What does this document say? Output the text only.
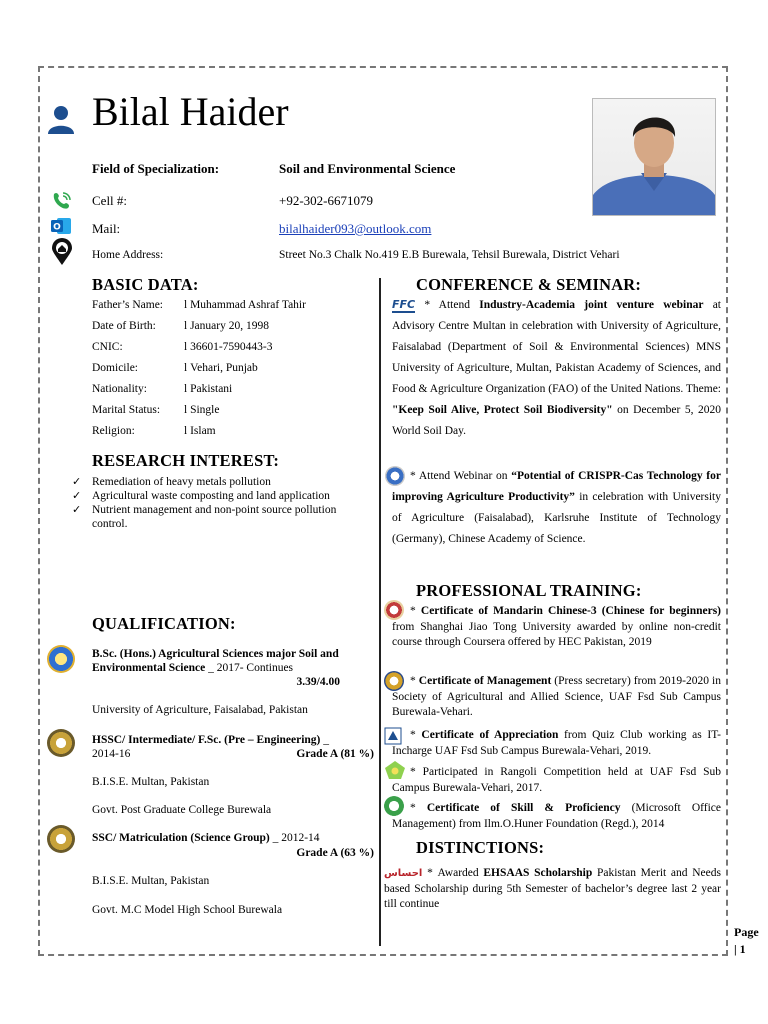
Bilal Haider
Field of Specialization:	Soil and Environmental Science
Cell #:	+92-302-6671079
O Mail:	bilalhaider093@outlook.com
Home Address:	Street No.3 Chalk No.419 E.B Burewala, Tehsil Burewala, District Vehari
BASIC DATA:
Father’s Name:	l Muhammad Ashraf Tahir
Date of Birth:	l January 20, 1998
CNIC:	l 36601-7590443-3
Domicile:	l Vehari, Punjab
Nationality:	l Pakistani
Marital Status:	l Single
Religion:	l Islam
RESEARCH INTEREST:
✓ Remediation of heavy metals pollution
✓ Agricultural waste composting and land application
✓ Nutrient management and non-point source pollution control.
QUALIFICATION:
B.Sc. (Hons.) Agricultural Sciences major Soil and Environmental Science _ 2017- Continues
3.39/4.00
University of Agriculture, Faisalabad, Pakistan
HSSC/ Intermediate/ F.Sc. (Pre – Engineering) _
2014-16	Grade A (81 %)
B.I.S.E. Multan, Pakistan
Govt. Post Graduate College Burewala
SSC/ Matriculation (Science Group) _ 2012-14
Grade A (63 %)
B.I.S.E. Multan, Pakistan
Govt. M.C Model High School Burewala
CONFERENCE & SEMINAR:
FFC * Attend Industry-Academia joint venture webinar at Advisory Centre Multan in celebration with University of Agriculture, Faisalabad (Department of Soil & Environmental Sciences) MNS University of Agriculture, Multan, Pakistan Academy of Sciences, and Food & Agriculture Organization (FAO) of the United Nations. Theme: "Keep Soil Alive, Protect Soil Biodiversity" on December 5, 2020 World Soil Day.
* Attend Webinar on “Potential of CRISPR-Cas Technology for improving Agriculture Productivity” in celebration with University of Agriculture (Faisalabad), Karlsruhe Institute of Technology (Germany), Chinese Academy of Science.
PROFESSIONAL TRAINING:
* Certificate of Mandarin Chinese-3 (Chinese for beginners) from Shanghai Jiao Tong University awarded by online non-credit course through Coursera offered by HEC Pakistan, 2019
* Certificate of Management (Press secretary) from 2019-2020 in Society of Agricultural and Allied Science, UAF Fsd Sub Campus Burewala-Vehari.
* Certificate of Appreciation from Quiz Club working as IT-Incharge UAF Fsd Sub Campus Burewala-Vehari, 2019.
* Participated in Rangoli Competition held at UAF Fsd Sub Campus Burewala-Vehari, 2017.
* Certificate of Skill & Proficiency (Microsoft Office Management) from Ilm.O.Huner Foundation (Regd.), 2014
DISTINCTIONS:
احساس * Awarded EHSAAS Scholarship Pakistan Merit and Needs based Scholarship during 5th Semester of bachelor’s degree last 2 year till continue
Page
| 1
